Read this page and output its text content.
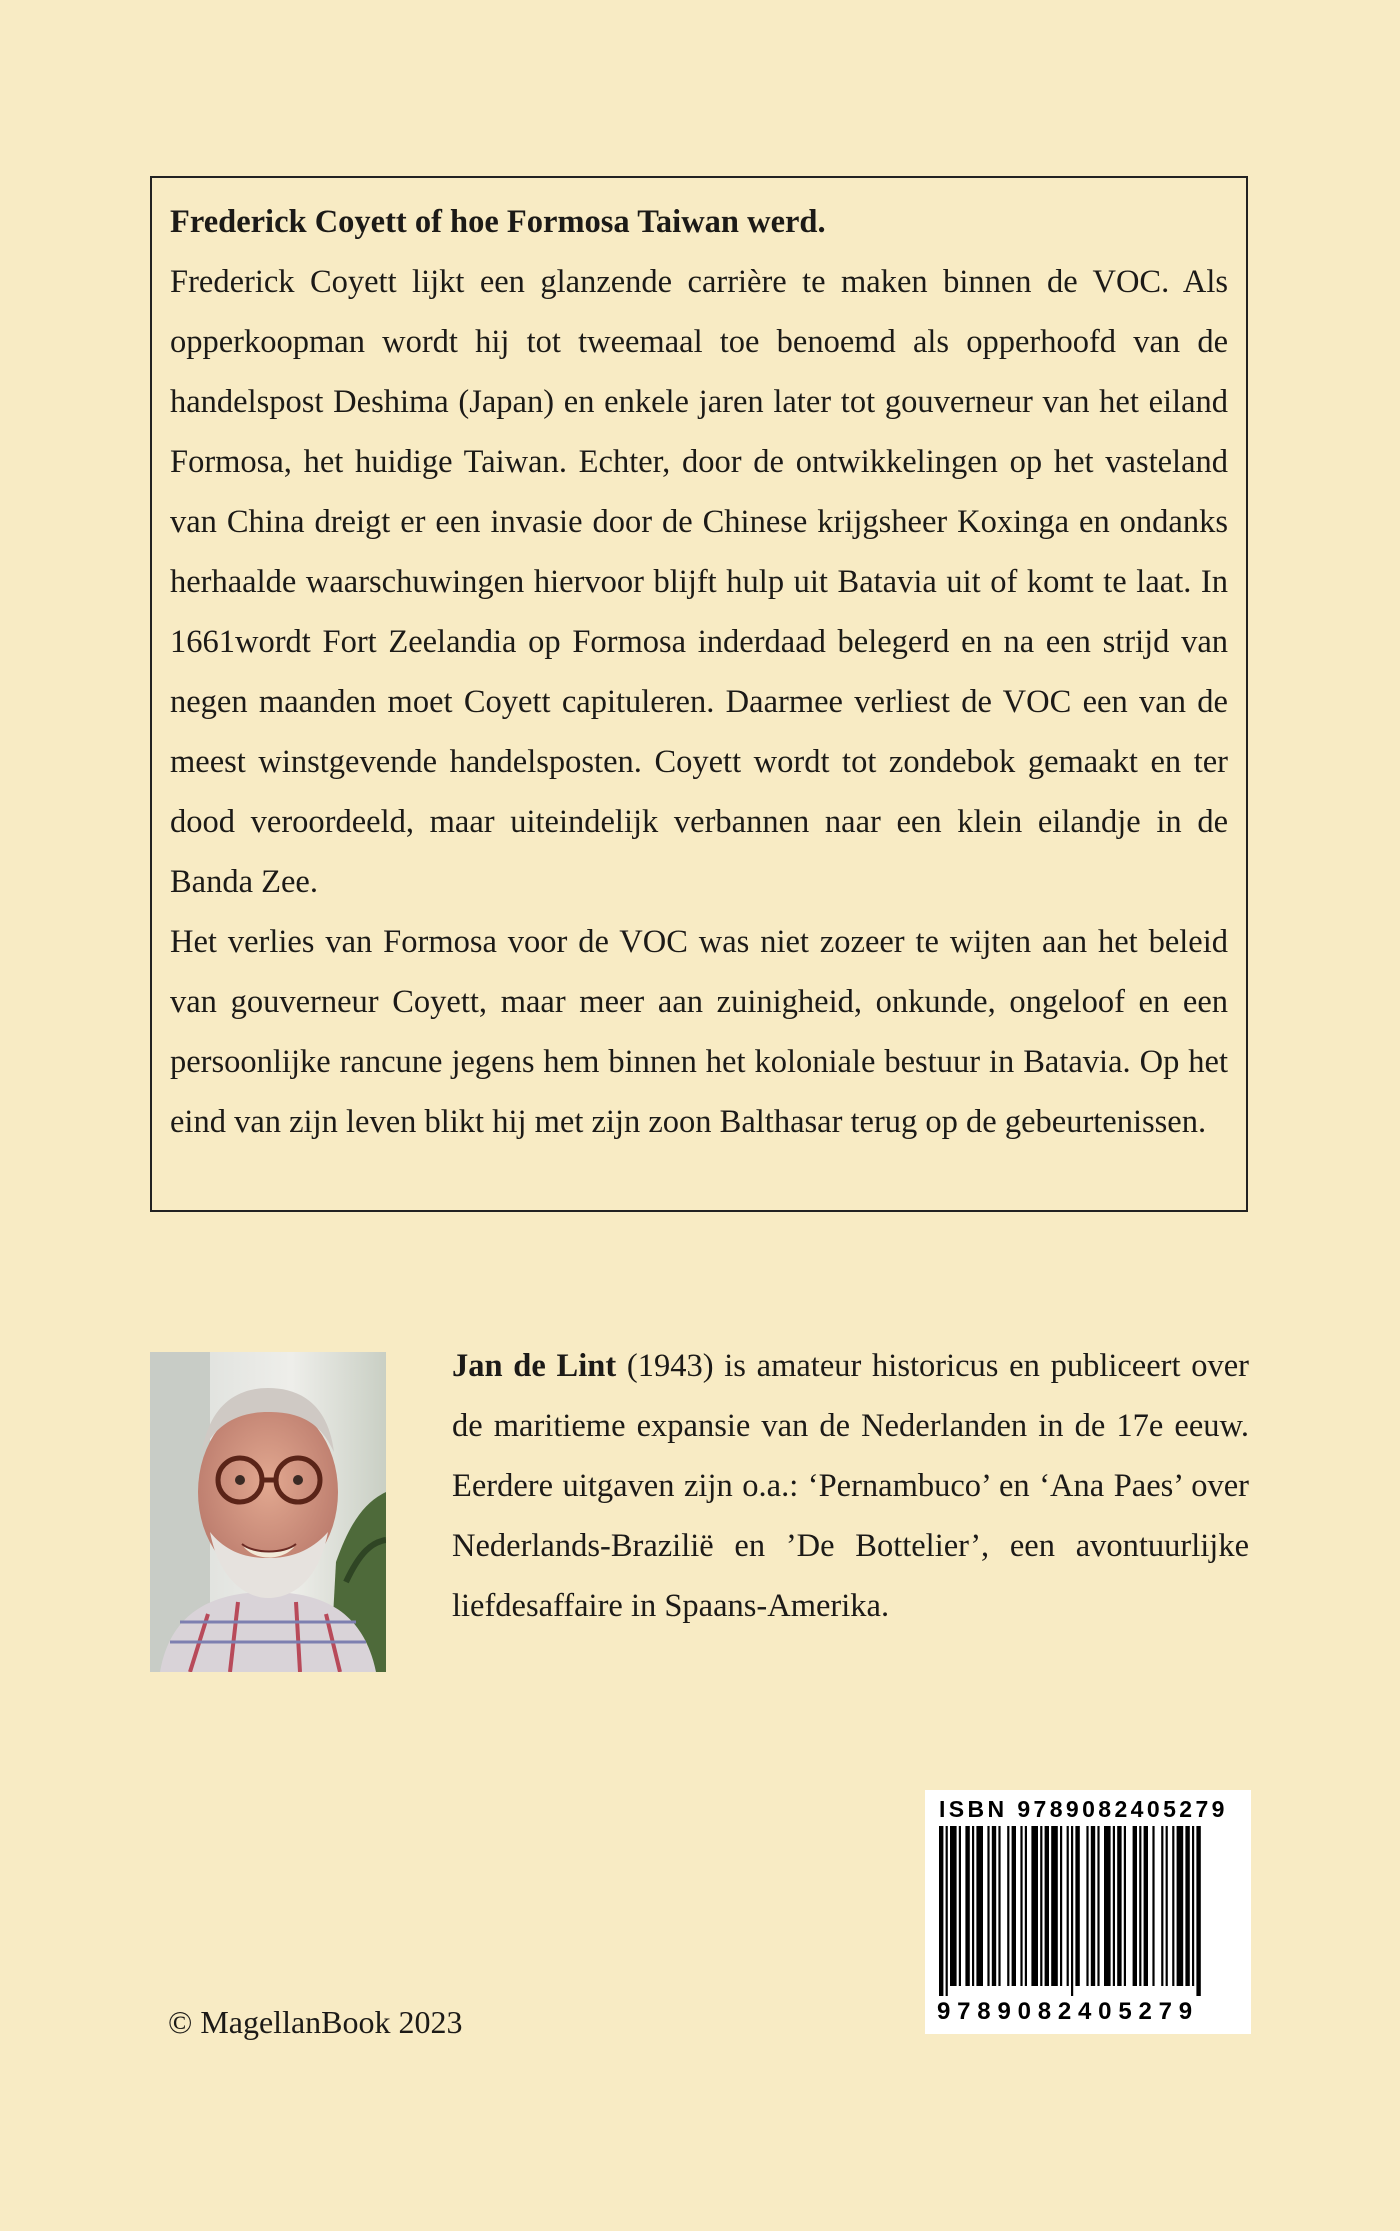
Frederick Coyett of hoe Formosa Taiwan werd.

Frederick Coyett lijkt een glanzende carrière te maken binnen de VOC. Als opperkoopman wordt hij tot tweemaal toe benoemd als opperhoofd van de handelspost Deshima (Japan) en enkele jaren later tot gouverneur van het eiland Formosa, het huidige Taiwan. Echter, door de ontwikkelingen op het vasteland van China dreigt er een invasie door de Chinese krijgsheer Koxinga en ondanks herhaalde waarschuwingen hiervoor blijft hulp uit Batavia uit of komt te laat. In 1661wordt Fort Zeelandia op Formosa inderdaad belegerd en na een strijd van negen maanden moet Coyett capituleren. Daarmee verliest de VOC een van de meest winstgevende handelsposten. Coyett wordt tot zondebok gemaakt en ter dood veroordeeld, maar uiteindelijk verbannen naar een klein eilandje in de Banda Zee.

Het verlies van Formosa voor de VOC was niet zozeer te wijten aan het beleid van gouverneur Coyett, maar meer aan zuinigheid, onkunde, ongeloof en een persoonlijke rancune jegens hem binnen het koloniale bestuur in Batavia. Op het eind van zijn leven blikt hij met zijn zoon Balthasar terug op de gebeurtenissen.

Jan de Lint (1943) is amateur historicus en publiceert over de maritieme expansie van de Nederlanden in de 17e eeuw. Eerdere uitgaven zijn o.a.: ‘Pernambuco’ en ‘Ana Paes’ over Nederlands-Brazilië en ’De Bottelier’, een avontuurlijke liefdesaffaire in Spaans-Amerika.

ISBN 9789082405279
9789082405279

© MagellanBook 2023
